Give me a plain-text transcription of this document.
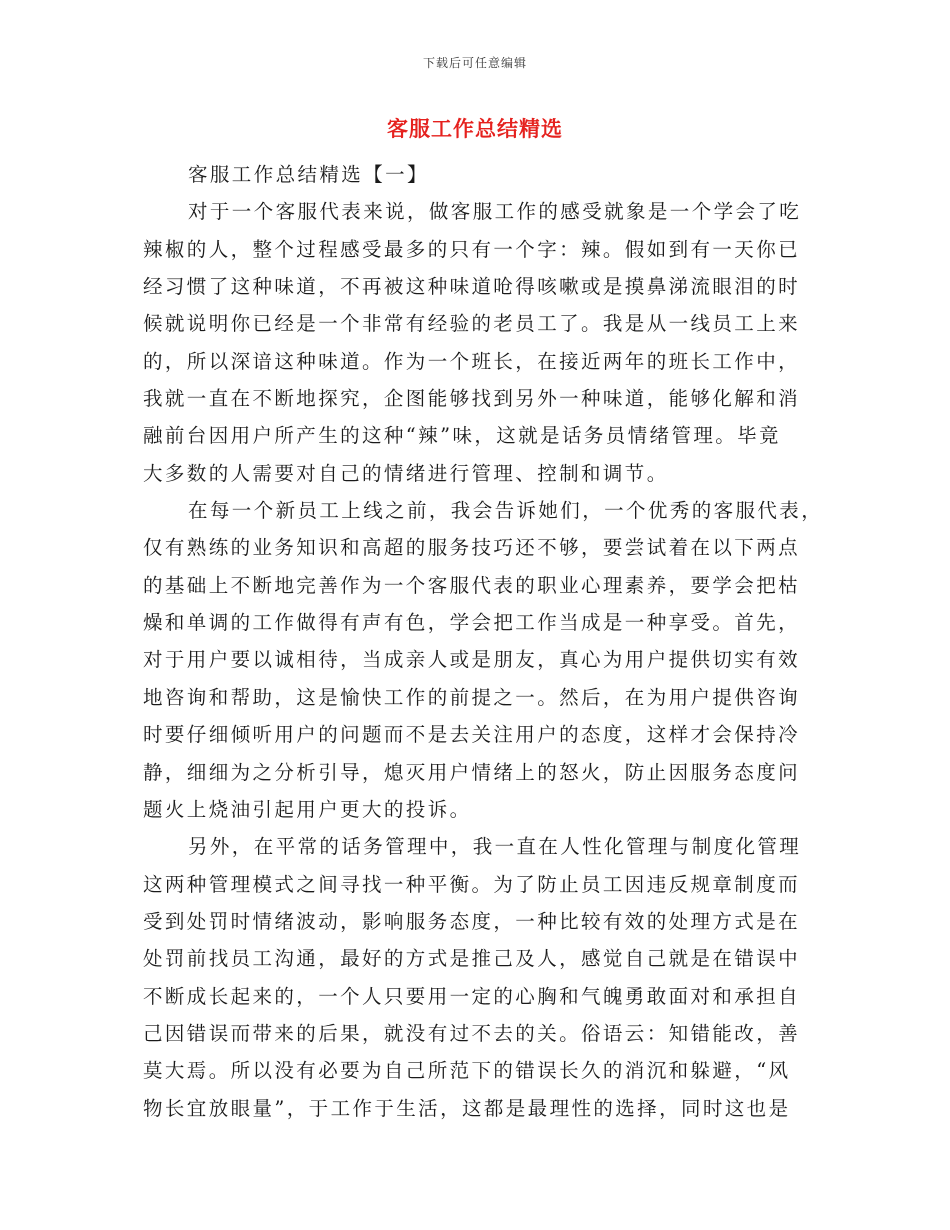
下载后可任意编辑
客服工作总结精选
客服工作总结精选【一】
对于一个客服代表来说，做客服工作的感受就象是一个学会了吃
辣椒的人，整个过程感受最多的只有一个字：辣。假如到有一天你已
经习惯了这种味道，不再被这种味道呛得咳嗽或是摸鼻涕流眼泪的时
候就说明你已经是一个非常有经验的老员工了。我是从一线员工上来
的，所以深谙这种味道。作为一个班长，在接近两年的班长工作中，
我就一直在不断地探究，企图能够找到另外一种味道，能够化解和消
融前台因用户所产生的这种“辣”味，这就是话务员情绪管理。毕竟
大多数的人需要对自己的情绪进行管理、控制和调节。
在每一个新员工上线之前，我会告诉她们，一个优秀的客服代表，
仅有熟练的业务知识和高超的服务技巧还不够，要尝试着在以下两点
的基础上不断地完善作为一个客服代表的职业心理素养，要学会把枯
燥和单调的工作做得有声有色，学会把工作当成是一种享受。首先，
对于用户要以诚相待，当成亲人或是朋友，真心为用户提供切实有效
地咨询和帮助，这是愉快工作的前提之一。然后，在为用户提供咨询
时要仔细倾听用户的问题而不是去关注用户的态度，这样才会保持冷
静，细细为之分析引导，熄灭用户情绪上的怒火，防止因服务态度问
题火上烧油引起用户更大的投诉。
另外，在平常的话务管理中，我一直在人性化管理与制度化管理
这两种管理模式之间寻找一种平衡。为了防止员工因违反规章制度而
受到处罚时情绪波动，影响服务态度，一种比较有效的处理方式是在
处罚前找员工沟通，最好的方式是推己及人，感觉自己就是在错误中
不断成长起来的，一个人只要用一定的心胸和气魄勇敢面对和承担自
己因错误而带来的后果，就没有过不去的关。俗语云：知错能改，善
莫大焉。所以没有必要为自己所范下的错误长久的消沉和躲避，“风
物长宜放眼量”，于工作于生活，这都是最理性的选择，同时这也是
